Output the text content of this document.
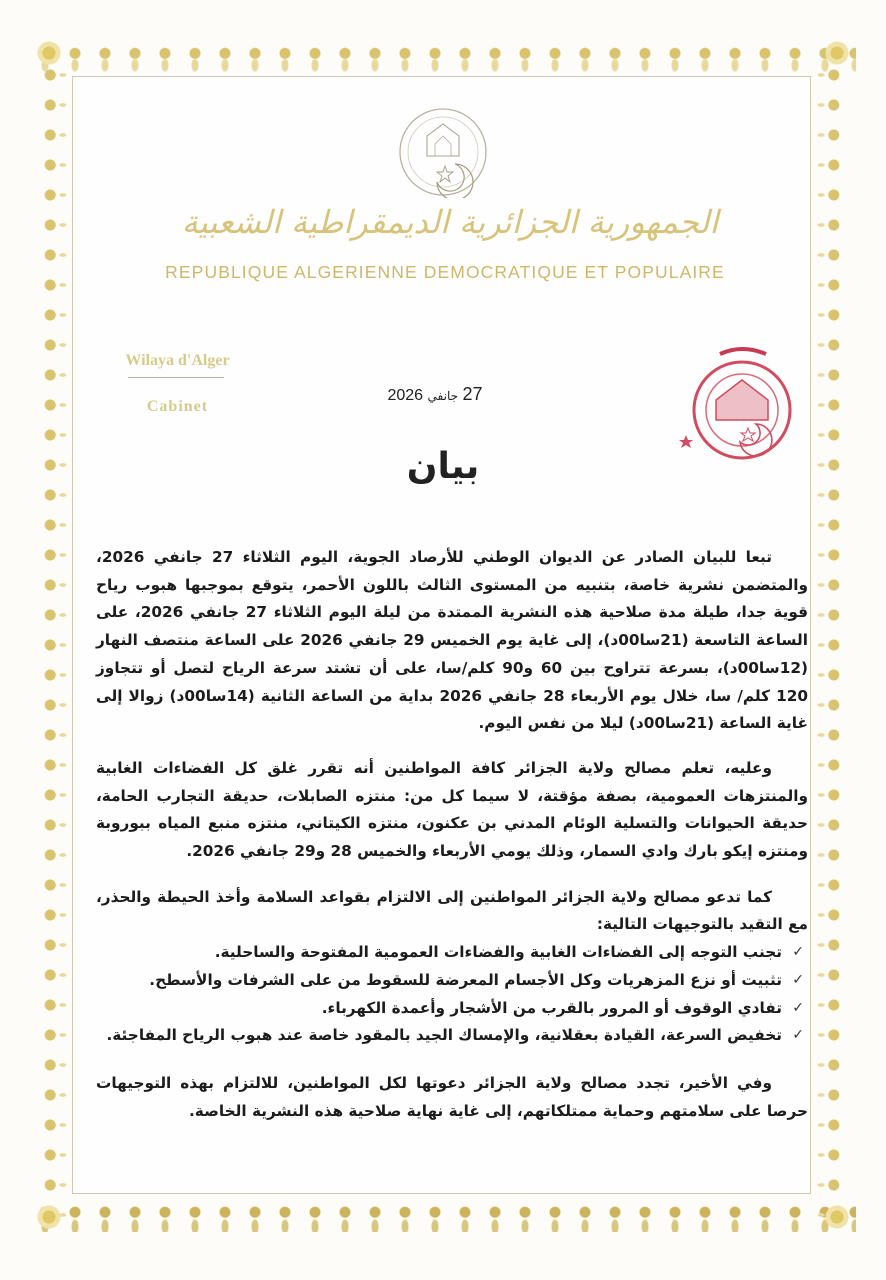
الجمهورية الجزائرية الديمقراطية الشعبية
REPUBLIQUE ALGERIENNE DEMOCRATIQUE ET POPULAIRE
Wilaya d'Alger
Cabinet
27 جانفي 2026
بيان

تبعا للبيان الصادر عن الديوان الوطني للأرصاد الجوية، اليوم الثلاثاء 27 جانفي 2026، والمتضمن نشرية خاصة، بتنبيه من المستوى الثالث باللون الأحمر، يتوقع بموجبها هبوب رياح قوية جدا، طيلة مدة صلاحية هذه النشرية الممتدة من ليلة اليوم الثلاثاء 27 جانفي 2026، على الساعة التاسعة (21سا00د)، إلى غاية يوم الخميس 29 جانفي 2026 على الساعة منتصف النهار (12سا00د)، بسرعة تتراوح بين 60 و90 كلم/سا، على أن تشتد سرعة الرياح لتصل أو تتجاوز 120 كلم/ سا، خلال يوم الأربعاء 28 جانفي 2026 بداية من الساعة الثانية (14سا00د) زوالا إلى غاية الساعة (21سا00د) ليلا من نفس اليوم.

وعليه، تعلم مصالح ولاية الجزائر كافة المواطنين أنه تقرر غلق كل الفضاءات الغابية والمنتزهات العمومية، بصفة مؤقتة، لا سيما كل من: منتزه الصابلات، حديقة التجارب الحامة، حديقة الحيوانات والتسلية الوئام المدني بن عكنون، منتزه الكيتاني، منتزه منبع المياه ببوروبة ومنتزه إيكو بارك وادي السمار، وذلك يومي الأربعاء والخميس 28 و29 جانفي 2026.

كما تدعو مصالح ولاية الجزائر المواطنين إلى الالتزام بقواعد السلامة وأخذ الحيطة والحذر، مع التقيد بالتوجيهات التالية:

✓
تجنب التوجه إلى الفضاءات الغابية والفضاءات العمومية المفتوحة والساحلية.
✓
تثبيت أو نزع المزهريات وكل الأجسام المعرضة للسقوط من على الشرفات والأسطح.
✓
تفادي الوقوف أو المرور بالقرب من الأشجار وأعمدة الكهرباء.
✓
تخفيض السرعة، القيادة بعقلانية، والإمساك الجيد بالمقود خاصة عند هبوب الرياح المفاجئة.

وفي الأخير، تجدد مصالح ولاية الجزائر دعوتها لكل المواطنين، للالتزام بهذه التوجيهات حرصا على سلامتهم وحماية ممتلكاتهم، إلى غاية نهاية صلاحية هذه النشرية الخاصة.
